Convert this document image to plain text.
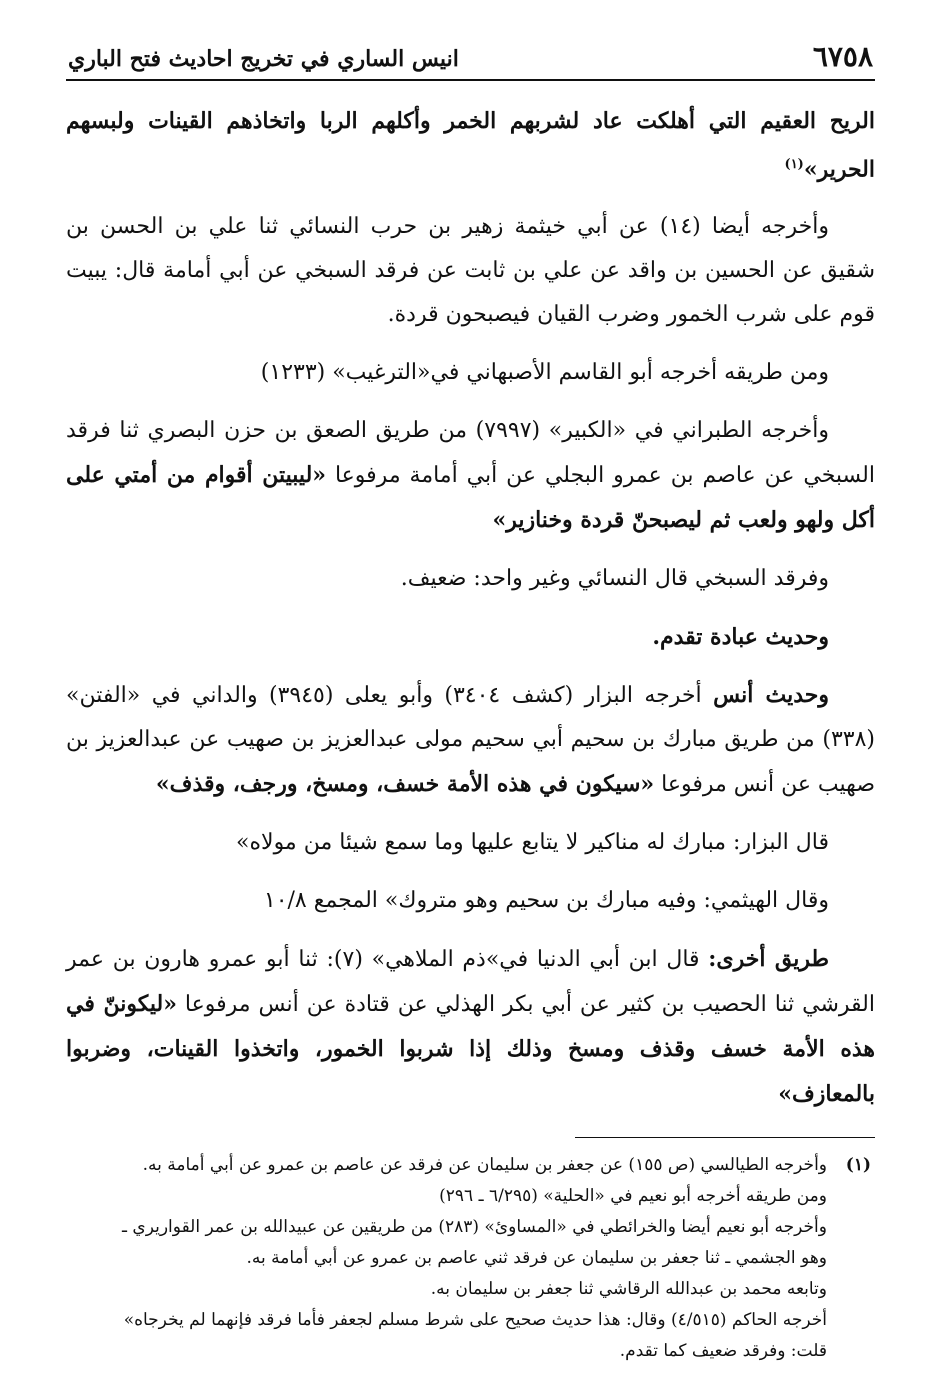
٦٧٥٨
انيس الساري في تخريج احاديث فتح الباري

الريح العقيم التي أهلكت عاد لشربهم الخمر وأكلهم الربا واتخاذهم القينات ولبسهم الحرير»$^{(١)}$

وأخرجه أيضا (١٤) عن أبي خيثمة زهير بن حرب النسائي ثنا علي بن الحسن بن شقيق عن الحسين بن واقد عن علي بن ثابت عن فرقد السبخي عن أبي أمامة قال: يبيت قوم على شرب الخمور وضرب القيان فيصبحون قردة.

ومن طريقه أخرجه أبو القاسم الأصبهاني في«الترغيب» (١٢٣٣)

وأخرجه الطبراني في «الكبير» (٧٩٩٧) من طريق الصعق بن حزن البصري ثنا فرقد السبخي عن عاصم بن عمرو البجلي عن أبي أمامة مرفوعا «ليبيتن أقوام من أمتي على أكل ولهو ولعب ثم ليصبحنّ قردة وخنازير»

وفرقد السبخي قال النسائي وغير واحد: ضعيف.

وحديث عبادة تقدم.

وحديث أنس أخرجه البزار (كشف ٣٤٠٤) وأبو يعلى (٣٩٤٥) والداني في «الفتن» (٣٣٨) من طريق مبارك بن سحيم أبي سحيم مولى عبدالعزيز بن صهيب عن عبدالعزيز بن صهيب عن أنس مرفوعا «سيكون في هذه الأمة خسف، ومسخ، ورجف، وقذف»

قال البزار: مبارك له مناكير لا يتابع عليها وما سمع شيئا من مولاه»

وقال الهيثمي: وفيه مبارك بن سحيم وهو متروك» المجمع ١٠/٨

طريق أخرى: قال ابن أبي الدنيا في»ذم الملاهي» (٧): ثنا أبو عمرو هارون بن عمر القرشي ثنا الحصيب بن كثير عن أبي بكر الهذلي عن قتادة عن أنس مرفوعا «ليكوننّ في هذه الأمة خسف وقذف ومسخ وذلك إذا شربوا الخمور، واتخذوا القينات، وضربوا بالمعازف»

(١)
وأخرجه الطيالسي (ص ١٥٥) عن جعفر بن سليمان عن فرقد عن عاصم بن عمرو عن أبي أمامة به.
ومن طريقه أخرجه أبو نعيم في «الحلية» (٦/٢٩٥ ـ ٢٩٦)
وأخرجه أبو نعيم أيضا والخرائطي في «المساوئ» (٢٨٣) من طريقين عن عبيدالله بن عمر القواريري ـ
وهو الجشمي ـ ثنا جعفر بن سليمان عن فرقد ثني عاصم بن عمرو عن أبي أمامة به.
وتابعه محمد بن عبدالله الرقاشي ثنا جعفر بن سليمان به.
أخرجه الحاكم (٤/٥١٥) وقال: هذا حديث صحيح على شرط مسلم لجعفر فأما فرقد فإنهما لم يخرجاه»
قلت: وفرقد ضعيف كما تقدم.
